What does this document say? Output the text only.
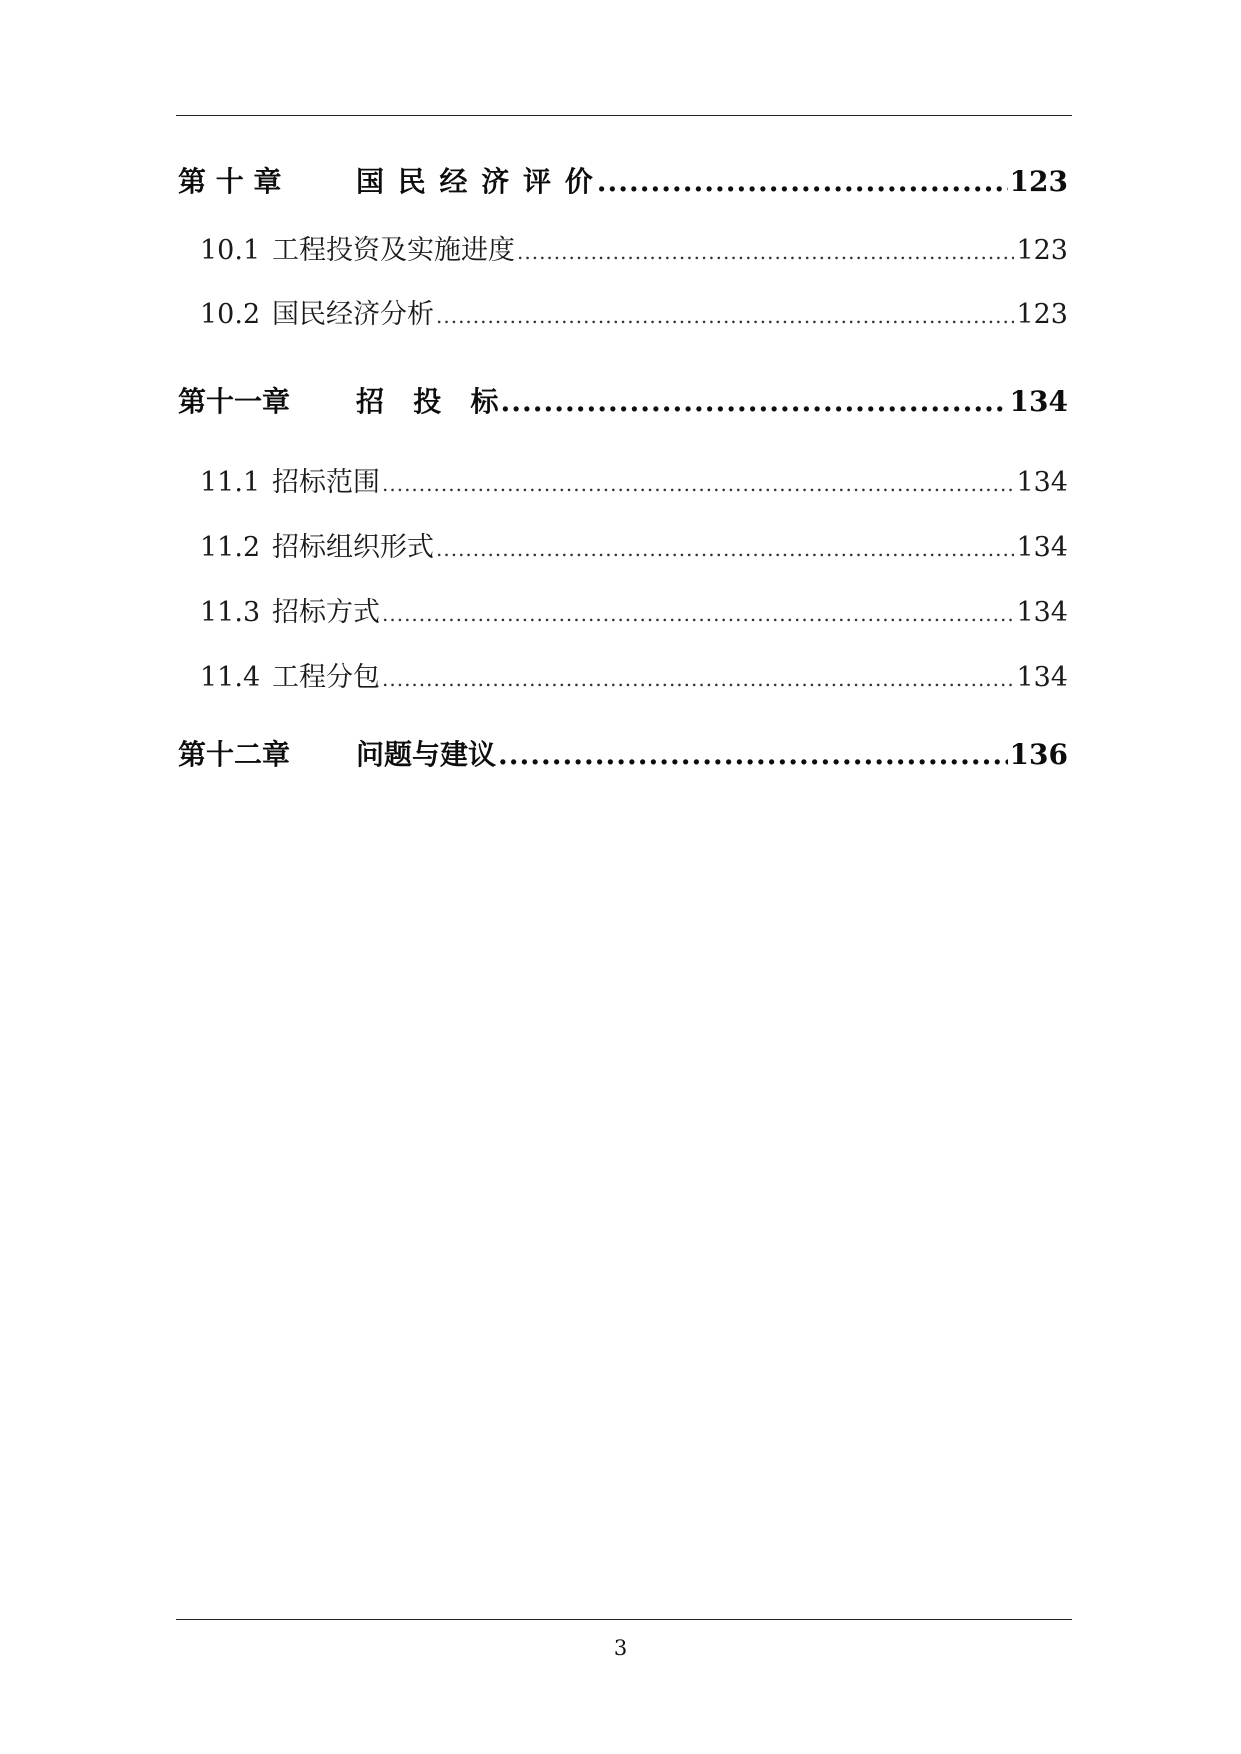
第 十 章	国 民 经 济 评 价 .....	123
10.1 工程投资及实施进度 .....	123
10.2 国民经济分析 .....	123
第十一章	招   投   标 .....	134
11.1 招标范围 .....	134
11.2 招标组织形式 .....	134
11.3 招标方式 .....	134
11.4 工程分包 .....	134
第十二章	问题与建议 .....	136
3
